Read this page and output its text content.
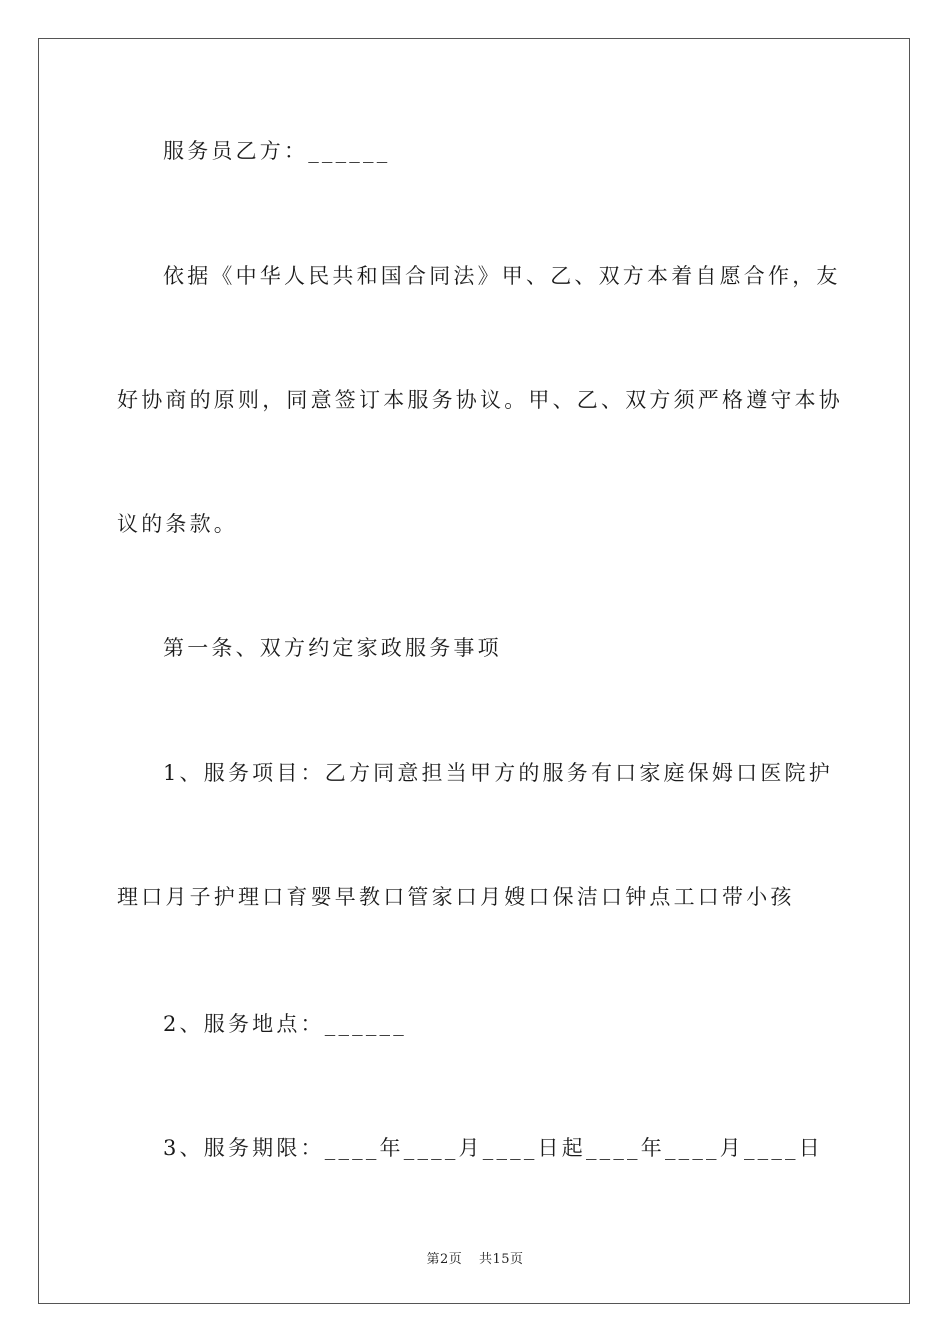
服务员乙方：______
依据《中华人民共和国合同法》甲、乙、双方本着自愿合作，友
好协商的原则，同意签订本服务协议。甲、乙、双方须严格遵守本协
议的条款。
第一条、双方约定家政服务事项
1、服务项目：乙方同意担当甲方的服务有口家庭保姆口医院护
理口月子护理口育婴早教口管家口月嫂口保洁口钟点工口带小孩
2、服务地点：______
3、服务期限：____年____月____日起____年____月____日
第2页 共15页
